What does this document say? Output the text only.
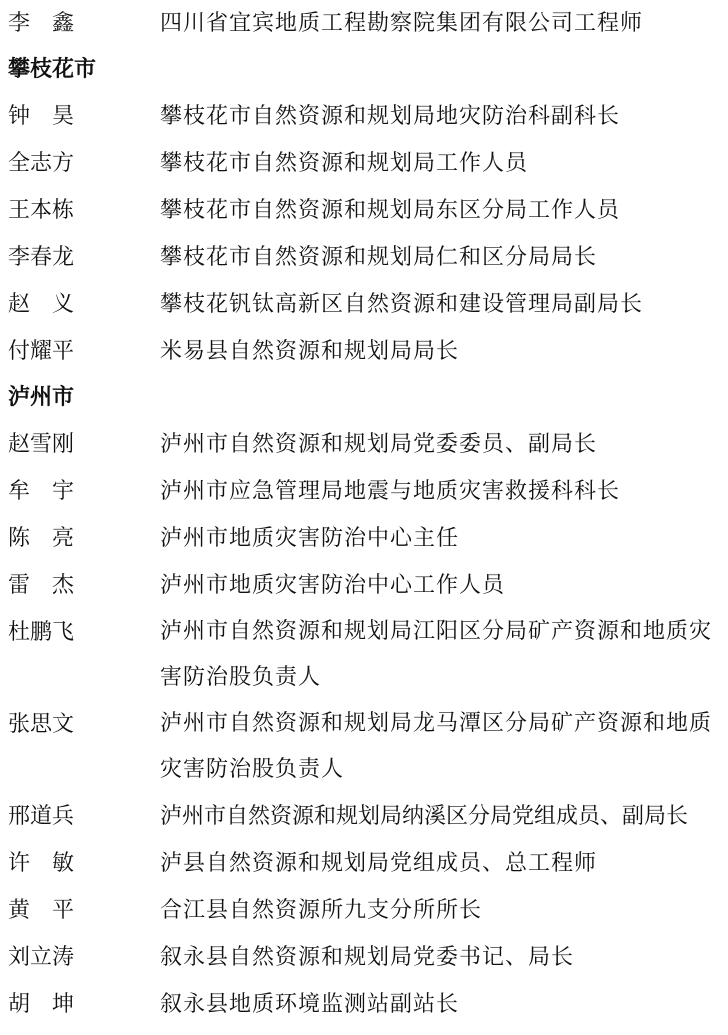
李　鑫	四川省宜宾地质工程勘察院集团有限公司工程师
攀枝花市
钟　昊	攀枝花市自然资源和规划局地灾防治科副科长
全志方	攀枝花市自然资源和规划局工作人员
王本栋	攀枝花市自然资源和规划局东区分局工作人员
李春龙	攀枝花市自然资源和规划局仁和区分局局长
赵　义	攀枝花钒钛高新区自然资源和建设管理局副局长
付耀平	米易县自然资源和规划局局长
泸州市
赵雪刚	泸州市自然资源和规划局党委委员、副局长
牟　宇	泸州市应急管理局地震与地质灾害救援科科长
陈　亮	泸州市地质灾害防治中心主任
雷　杰	泸州市地质灾害防治中心工作人员
杜鹏飞	泸州市自然资源和规划局江阳区分局矿产资源和地质灾害防治股负责人
张思文	泸州市自然资源和规划局龙马潭区分局矿产资源和地质灾害防治股负责人
邢道兵	泸州市自然资源和规划局纳溪区分局党组成员、副局长
许　敏	泸县自然资源和规划局党组成员、总工程师
黄　平	合江县自然资源所九支分所所长
刘立涛	叙永县自然资源和规划局党委书记、局长
胡　坤	叙永县地质环境监测站副站长
